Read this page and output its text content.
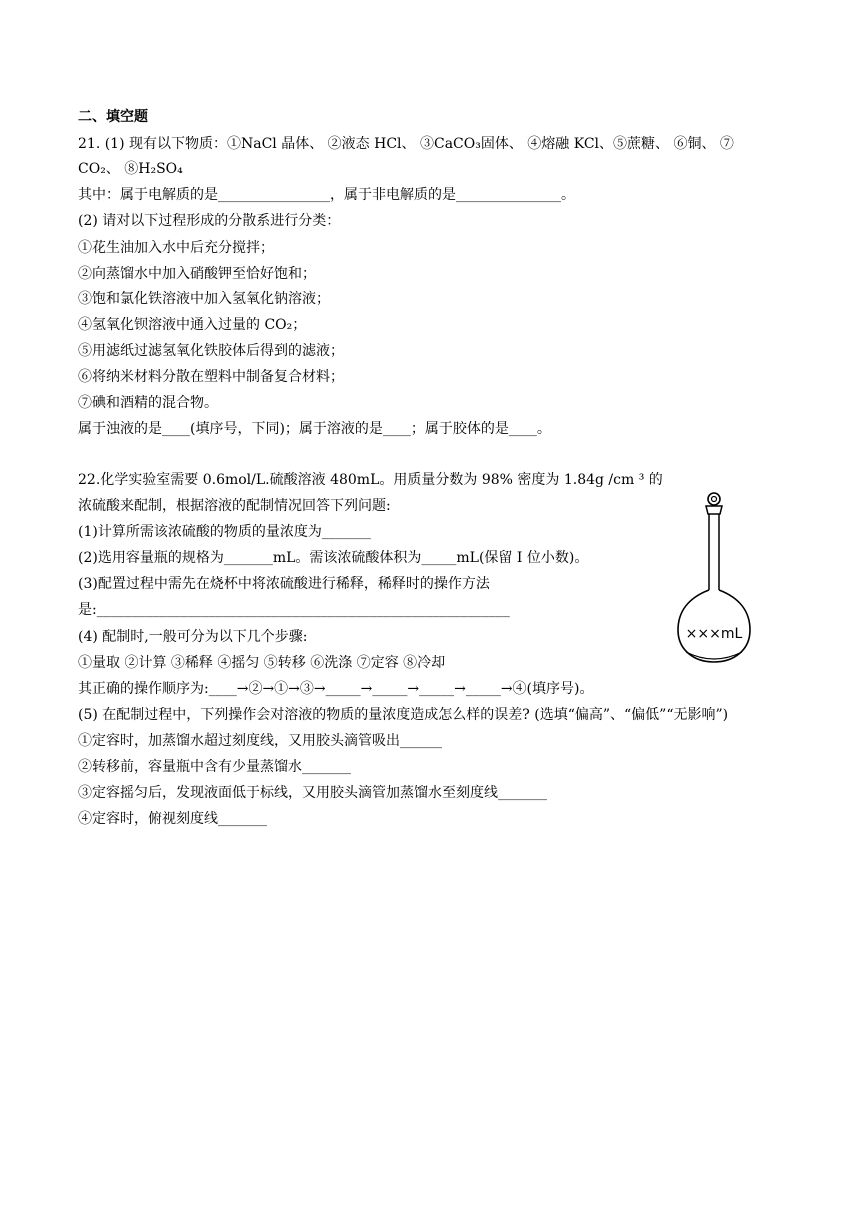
二、填空题
21. (1) 现有以下物质：①NaCl 晶体、 ②液态 HCl、 ③CaCO₃固体、 ④熔融 KCl、⑤蔗糖、 ⑥铜、 ⑦
CO₂、 ⑧H₂SO₄
其中：属于电解质的是________________，属于非电解质的是_______________。
(2) 请对以下过程形成的分散系进行分类：
①花生油加入水中后充分搅拌；
②向蒸馏水中加入硝酸钾至恰好饱和；
③饱和氯化铁溶液中加入氢氧化钠溶液；
④氢氧化钡溶液中通入过量的 CO₂；
⑤用滤纸过滤氢氧化铁胶体后得到的滤液；
⑥将纳米材料分散在塑料中制备复合材料；
⑦碘和酒精的混合物。
属于浊液的是____(填序号，下同)；属于溶液的是____；属于胶体的是____。
22.化学实验室需要 0.6mol/L.硫酸溶液 480mL。用质量分数为 98% 密度为 1.84g /cm ³ 的
浓硫酸来配制，根据溶液的配制情况回答下列问题:
(1)计算所需该浓硫酸的物质的量浓度为_______
(2)选用容量瓶的规格为_______mL。需该浓硫酸体积为_____mL(保留 I 位小数)。
(3)配置过程中需先在烧杯中将浓硫酸进行稀释，稀释时的操作方法
是:___________________________________________________________
(4) 配制时,一般可分为以下几个步骤:
①量取 ②计算 ③稀释 ④摇匀 ⑤转移 ⑥洗涤 ⑦定容 ⑧冷却
其正确的操作顺序为:____→②→①→③→_____→_____→_____→_____→④(填序号)。
(5) 在配制过程中，下列操作会对溶液的物质的量浓度造成怎么样的误差? (选填“偏高”、“偏低”“无影响”)
①定容时，加蒸馏水超过刻度线，又用胶头滴管吸出______
②转移前，容量瓶中含有少量蒸馏水_______
③定容摇匀后，发现液面低于标线，又用胶头滴管加蒸馏水至刻度线_______
④定容时，俯视刻度线_______
×××mL
